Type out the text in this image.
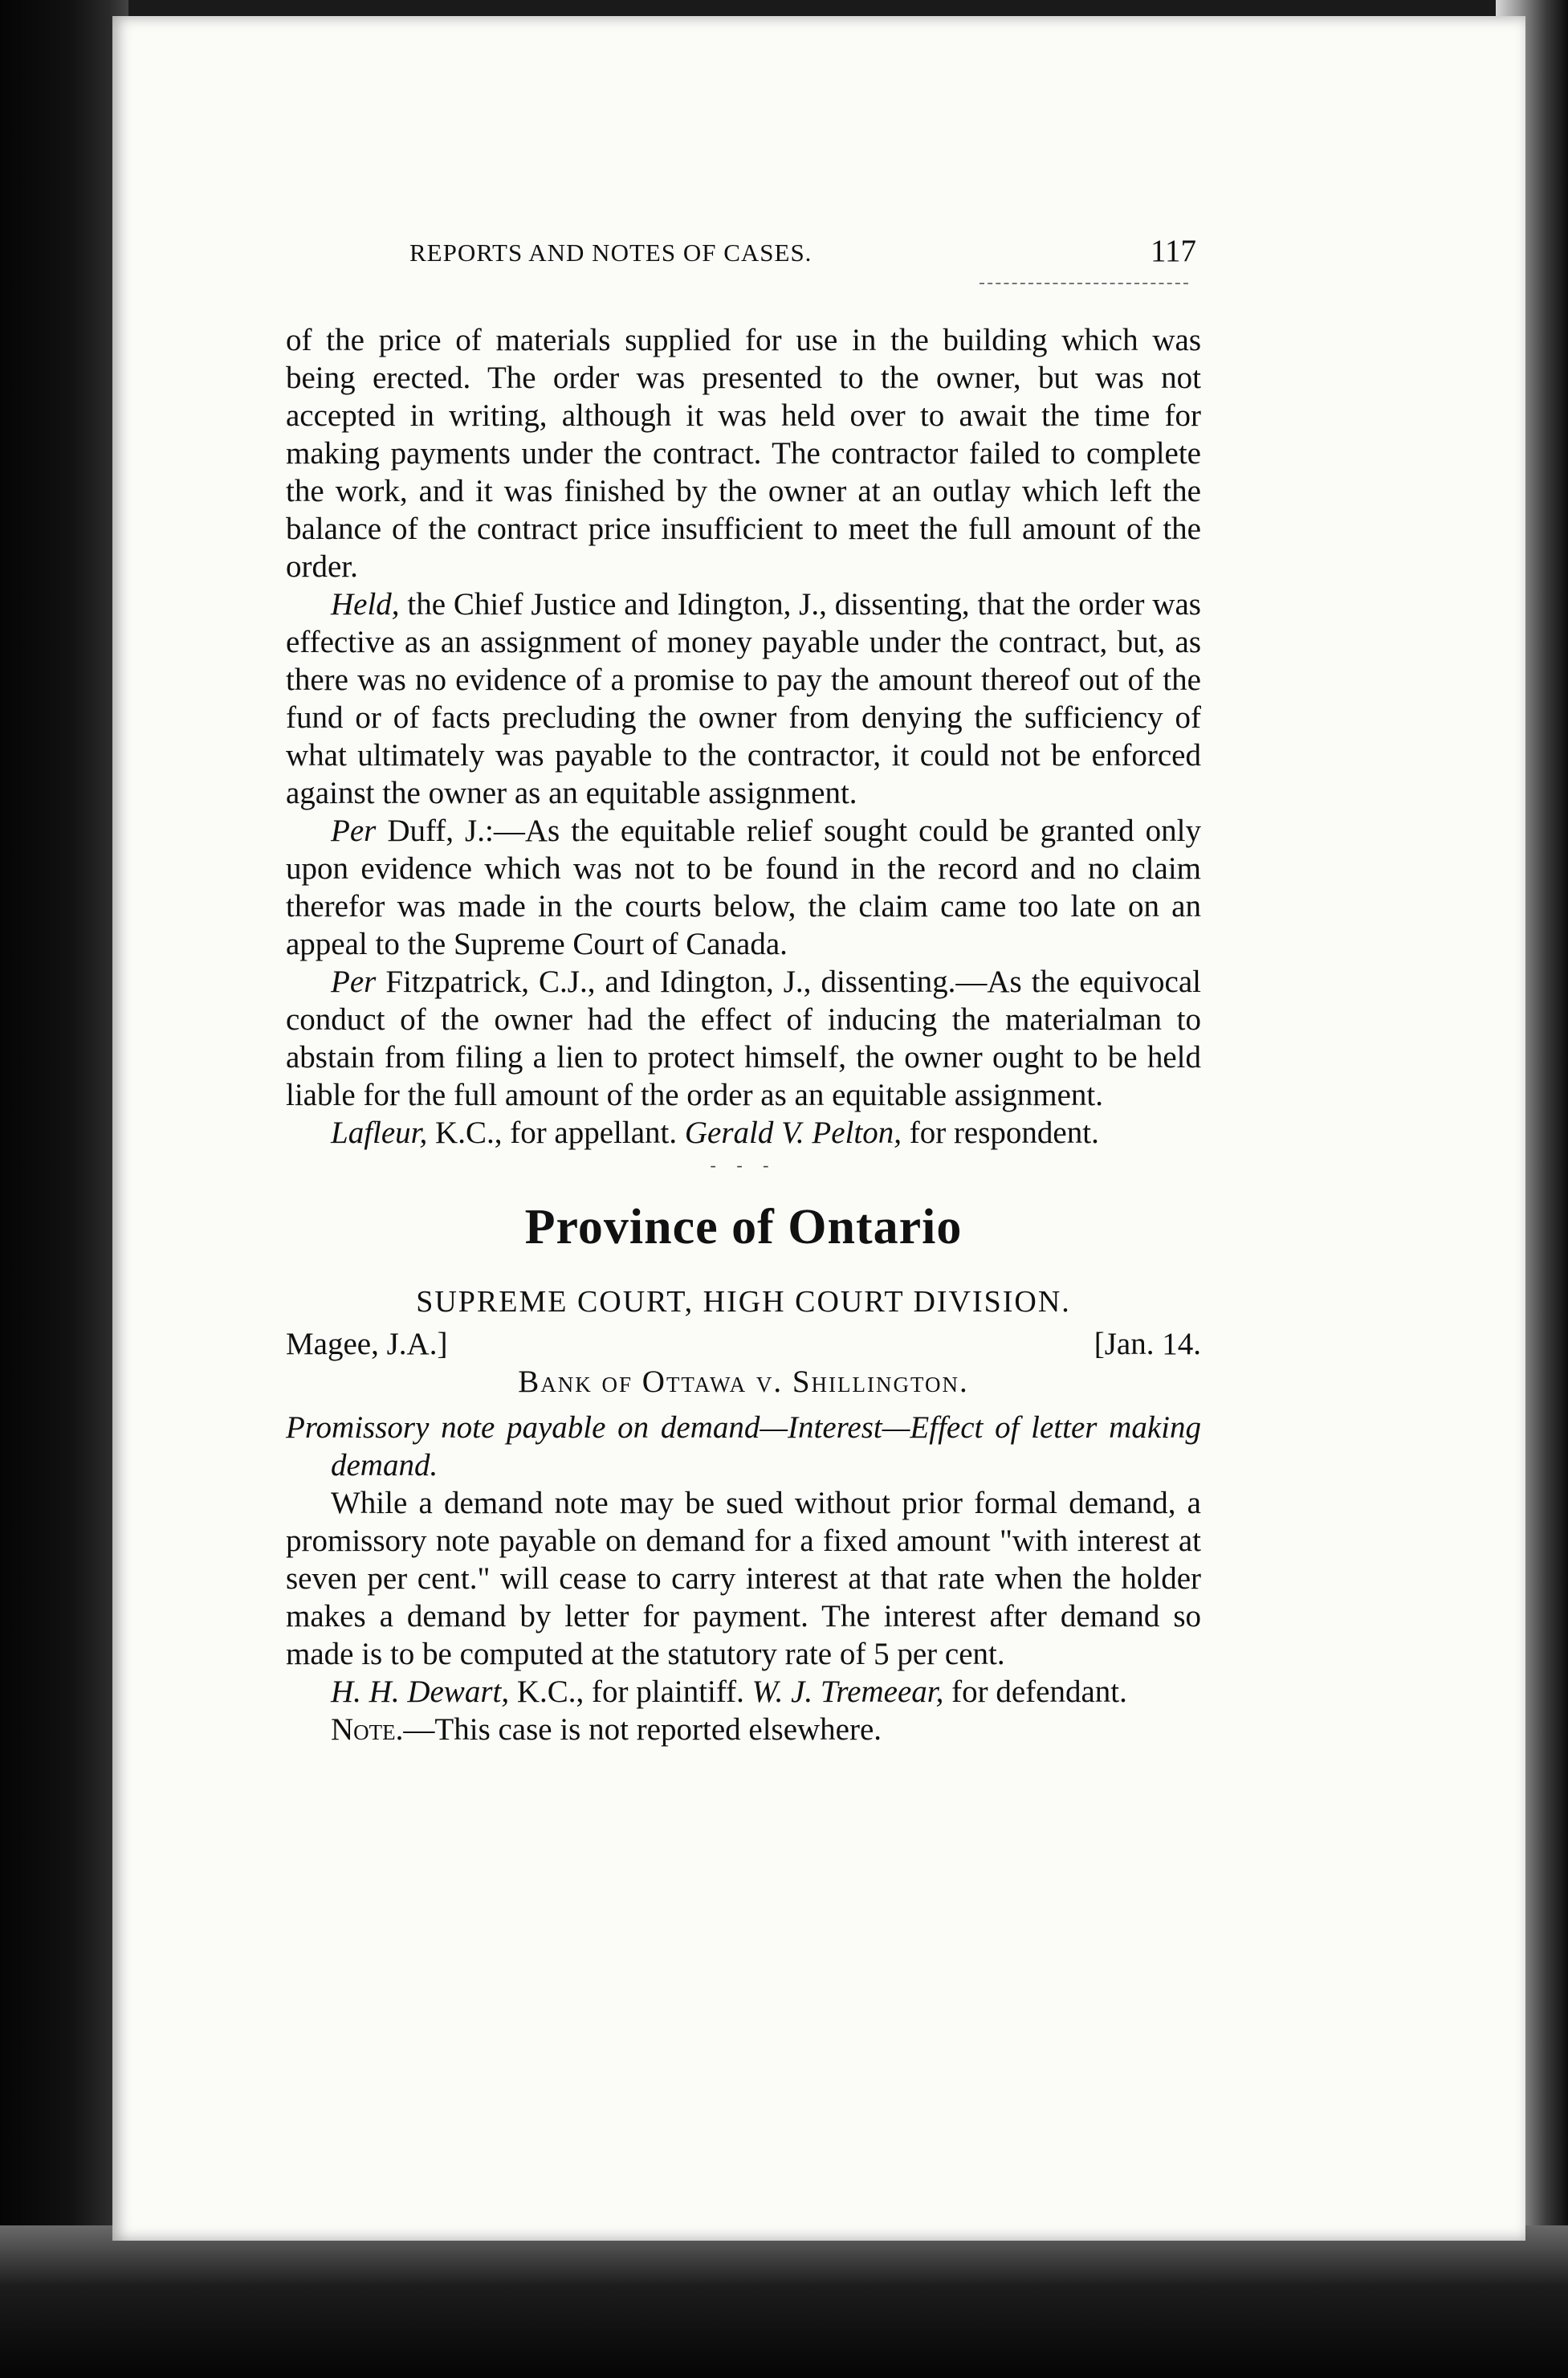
REPORTS AND NOTES OF CASES.	117

of the price of materials supplied for use in the building which was being erected. The order was presented to the owner, but was not accepted in writing, although it was held over to await the time for making payments under the contract. The contractor failed to complete the work, and it was finished by the owner at an outlay which left the balance of the contract price insufficient to meet the full amount of the order.

Held, the Chief Justice and Idington, J., dissenting, that the order was effective as an assignment of money payable under the contract, but, as there was no evidence of a promise to pay the amount thereof out of the fund or of facts precluding the owner from denying the sufficiency of what ultimately was payable to the contractor, it could not be enforced against the owner as an equitable assignment.

Per Duff, J.:—As the equitable relief sought could be granted only upon evidence which was not to be found in the record and no claim therefor was made in the courts below, the claim came too late on an appeal to the Supreme Court of Canada.

Per Fitzpatrick, C.J., and Idington, J., dissenting.—As the equivocal conduct of the owner had the effect of inducing the materialman to abstain from filing a lien to protect himself, the owner ought to be held liable for the full amount of the order as an equitable assignment.

Lafleur, K.C., for appellant. Gerald V. Pelton, for respondent.

- - -
Province of Ontario
SUPREME COURT, HIGH COURT DIVISION.
Magee, J.A.]	[Jan. 14.
Bank of Ottawa v. Shillington.

Promissory note payable on demand—Interest—Effect of letter making demand.

While a demand note may be sued without prior formal demand, a promissory note payable on demand for a fixed amount "with interest at seven per cent." will cease to carry interest at that rate when the holder makes a demand by letter for payment. The interest after demand so made is to be computed at the statutory rate of 5 per cent.

H. H. Dewart, K.C., for plaintiff. W. J. Tremeear, for defendant.

Note.—This case is not reported elsewhere.
